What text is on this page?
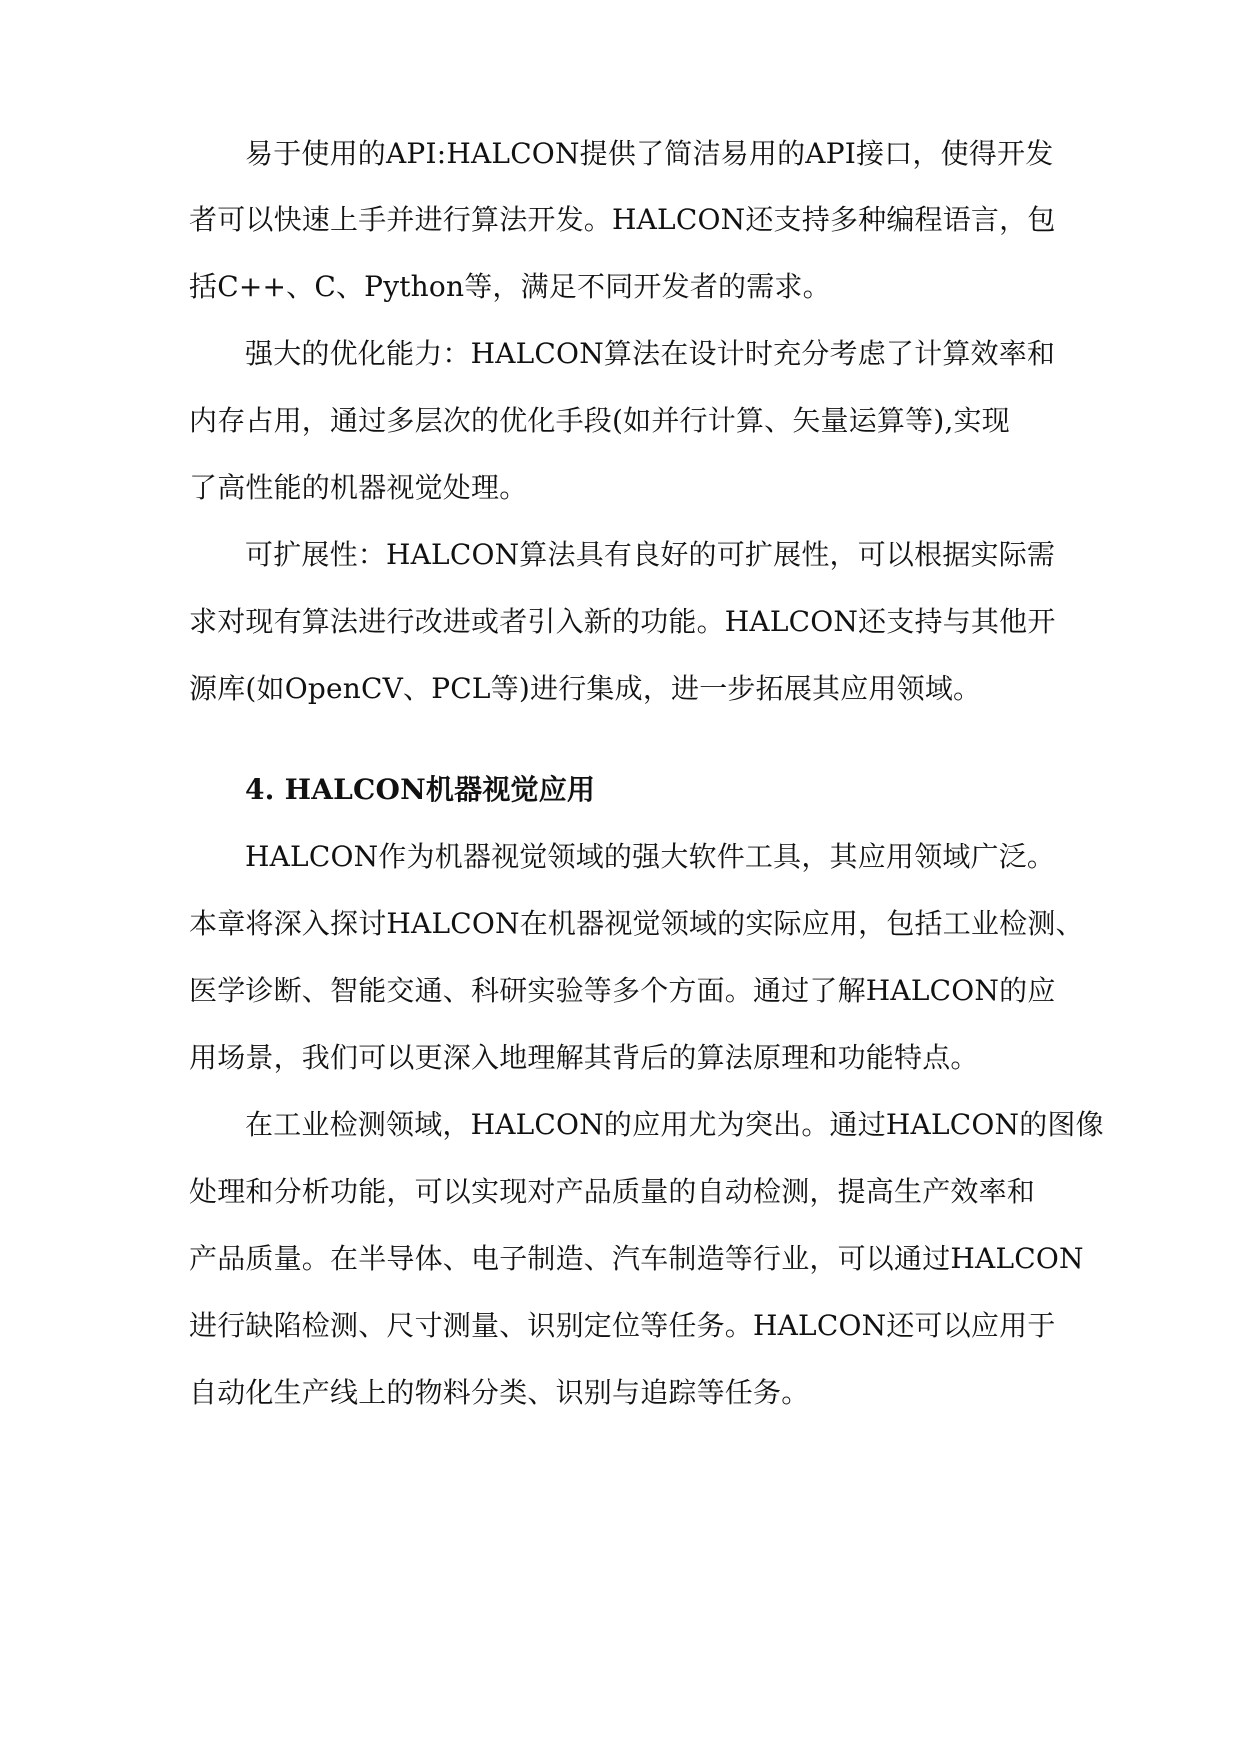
易于使用的API:HALCON提供了简洁易用的API接口，使得开发
者可以快速上手并进行算法开发。HALCON还支持多种编程语言，包
括C++、C、Python等，满足不同开发者的需求。
强大的优化能力：HALCON算法在设计时充分考虑了计算效率和
内存占用，通过多层次的优化手段(如并行计算、矢量运算等),实现
了高性能的机器视觉处理。
可扩展性：HALCON算法具有良好的可扩展性，可以根据实际需
求对现有算法进行改进或者引入新的功能。HALCON还支持与其他开
源库(如OpenCV、PCL等)进行集成，进一步拓展其应用领域。
4. HALCON机器视觉应用
HALCON作为机器视觉领域的强大软件工具，其应用领域广泛。
本章将深入探讨HALCON在机器视觉领域的实际应用，包括工业检测、
医学诊断、智能交通、科研实验等多个方面。通过了解HALCON的应
用场景，我们可以更深入地理解其背后的算法原理和功能特点。
在工业检测领域，HALCON的应用尤为突出。通过HALCON的图像
处理和分析功能，可以实现对产品质量的自动检测，提高生产效率和
产品质量。在半导体、电子制造、汽车制造等行业，可以通过HALCON
进行缺陷检测、尺寸测量、识别定位等任务。HALCON还可以应用于
自动化生产线上的物料分类、识别与追踪等任务。
